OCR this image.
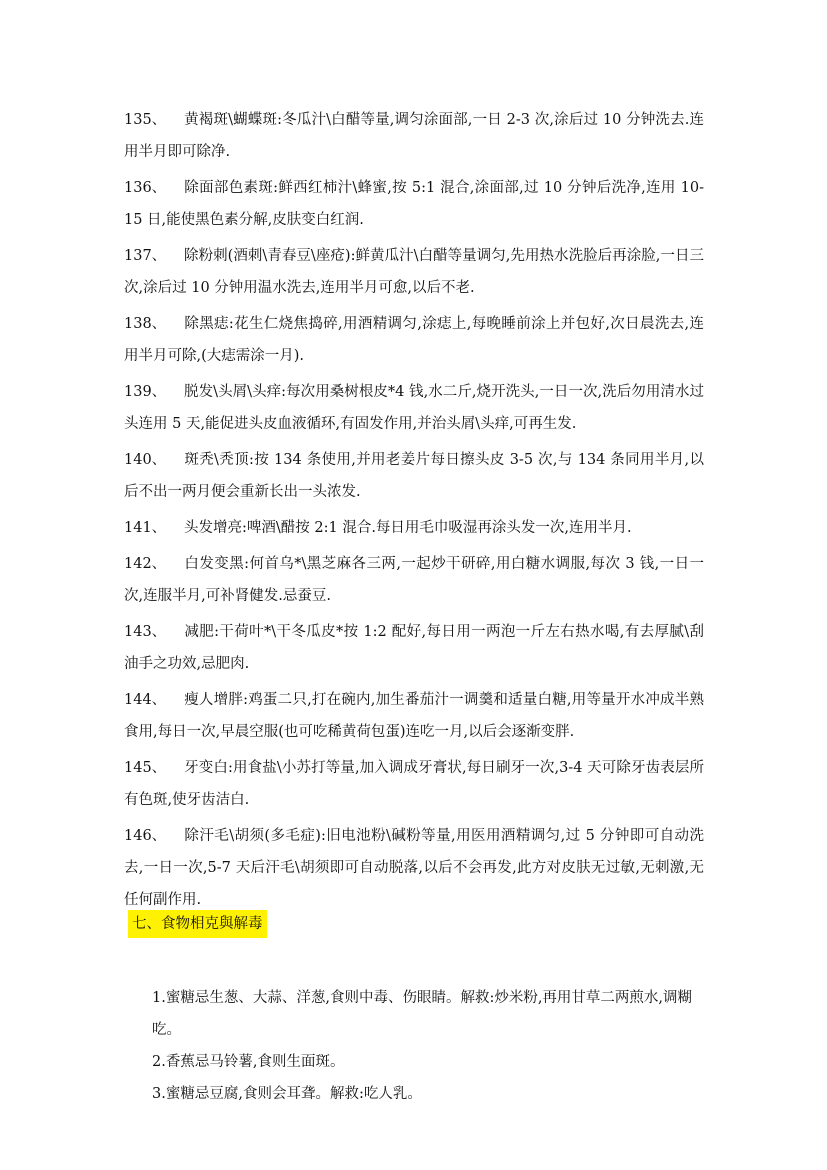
135、 黄褐斑\蝴蝶斑:冬瓜汁\白醋等量,调匀涂面部,一日 2-3 次,涂后过 10 分钟洗去.连用半月即可除净.

136、 除面部色素斑:鲜西红柿汁\蜂蜜,按 5:1 混合,涂面部,过 10 分钟后洗净,连用 10-15 日,能使黑色素分解,皮肤变白红润.

137、 除粉刺(酒刺\青春豆\座疮):鲜黄瓜汁\白醋等量调匀,先用热水洗脸后再涂脸,一日三次,涂后过 10 分钟用温水洗去,连用半月可愈,以后不老.

138、 除黑痣:花生仁烧焦捣碎,用酒精调匀,涂痣上,每晚睡前涂上并包好,次日晨洗去,连用半月可除,(大痣需涂一月).

139、 脱发\头屑\头痒:每次用桑树根皮*4 钱,水二斤,烧开洗头,一日一次,洗后勿用清水过头连用 5 天,能促进头皮血液循环,有固发作用,并治头屑\头痒,可再生发.

140、 斑秃\秃顶:按 134 条使用,并用老姜片每日擦头皮 3-5 次,与 134 条同用半月,以后不出一两月便会重新长出一头浓发.

141、 头发增亮:啤酒\醋按 2:1 混合.每日用毛巾吸湿再涂头发一次,连用半月.

142、 白发变黑:何首乌*\黑芝麻各三两,一起炒干研碎,用白糖水调服,每次 3 钱,一日一次,连服半月,可补肾健发.忌蚕豆.

143、 减肥:干荷叶*\干冬瓜皮*按 1:2 配好,每日用一两泡一斤左右热水喝,有去厚腻\刮油手之功效,忌肥肉.

144、 瘦人增胖:鸡蛋二只,打在碗内,加生番茄汁一调羹和适量白糖,用等量开水冲成半熟食用,每日一次,早晨空服(也可吃稀黄荷包蛋)连吃一月,以后会逐渐变胖.

145、 牙变白:用食盐\小苏打等量,加入调成牙膏状,每日刷牙一次,3-4 天可除牙齿表层所有色斑,使牙齿洁白.

146、 除汗毛\胡须(多毛症):旧电池粉\碱粉等量,用医用酒精调匀,过 5 分钟即可自动洗去,一日一次,5-7 天后汗毛\胡须即可自动脱落,以后不会再发,此方对皮肤无过敏,无刺激,无任何副作用.

七、食物相克與解毒

1.蜜糖忌生葱、大蒜、洋葱,食则中毒、伤眼睛。解救:炒米粉,再用甘草二两煎水,调糊吃。

2.香蕉忌马铃薯,食则生面斑。

3.蜜糖忌豆腐,食则会耳聋。解救:吃人乳。
